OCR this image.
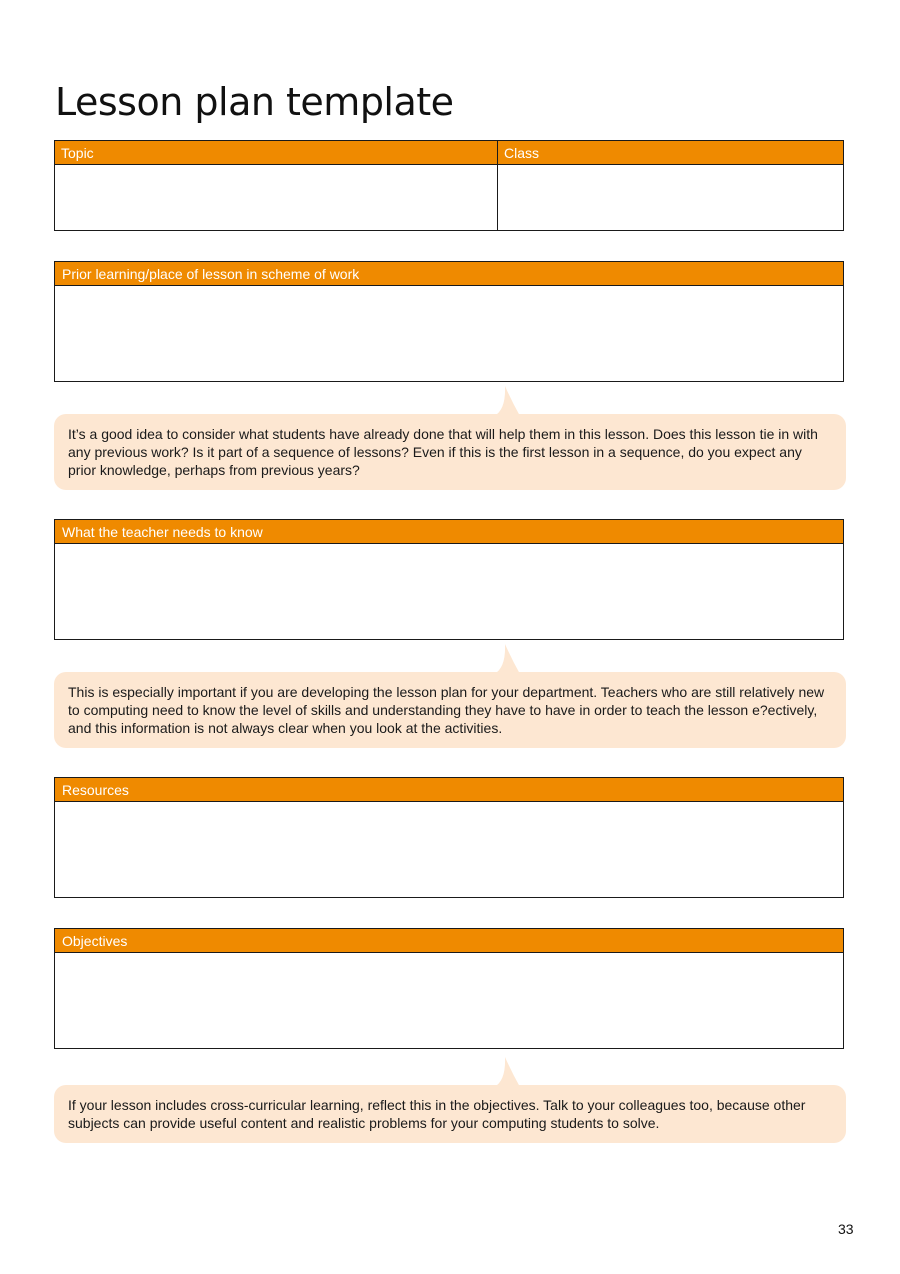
Lesson plan template
Topic	Class
Prior learning/place of lesson in scheme of work

It’s a good idea to consider what students have already done that will help them in this lesson. Does this lesson tie in with any previous work? Is it part of a sequence of lessons? Even if this is the first lesson in a sequence, do you expect any prior knowledge, perhaps from previous years?

What the teacher needs to know

This is especially important if you are developing the lesson plan for your department. Teachers who are still relatively new to computing need to know the level of skills and understanding they have to have in order to teach the lesson e?ectively, and this information is not always clear when you look at the activities.

Resources
Objectives

If your lesson includes cross-curricular learning, reflect this in the objectives. Talk to your colleagues too, because other subjects can provide useful content and realistic problems for your computing students to solve.

33
